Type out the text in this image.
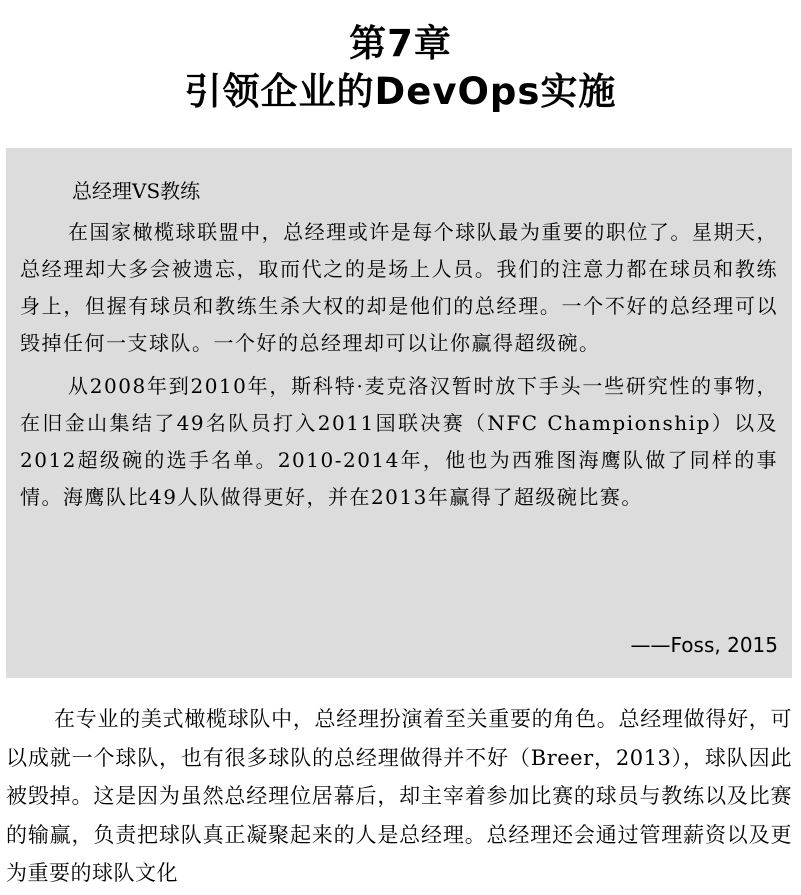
第7章
引领企业的DevOps实施
总经理VS教练

在国家橄榄球联盟中，总经理或许是每个球队最为重要的职位了。星期天，总经理却大多会被遗忘，取而代之的是场上人员。我们的注意力都在球员和教练身上，但握有球员和教练生杀大权的却是他们的总经理。一个不好的总经理可以毁掉任何一支球队。一个好的总经理却可以让你赢得超级碗。

从2008年到2010年，斯科特·麦克洛汉暂时放下手头一些研究性的事物，在旧金山集结了49名队员打入2011国联决赛（NFC Championship）以及2012超级碗的选手名单。2010-2014年，他也为西雅图海鹰队做了同样的事情。海鹰队比49人队做得更好，并在2013年赢得了超级碗比赛。

——Foss, 2015

在专业的美式橄榄球队中，总经理扮演着至关重要的角色。总经理做得好，可以成就一个球队，也有很多球队的总经理做得并不好（Breer，2013），球队因此被毁掉。这是因为虽然总经理位居幕后，却主宰着参加比赛的球员与教练以及比赛的输赢，负责把球队真正凝聚起来的人是总经理。总经理还会通过管理薪资以及更为重要的球队文化
